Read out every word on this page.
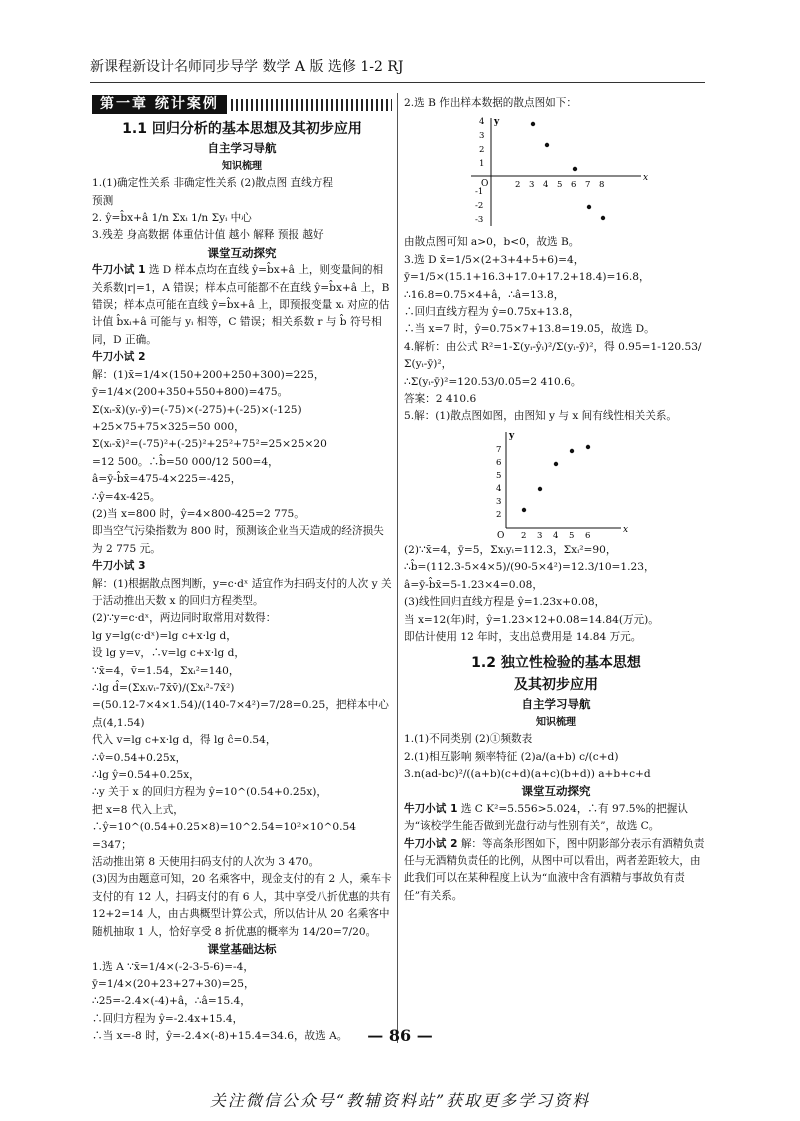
新课程新设计名师同步导学 数学 A 版 选修 1-2 RJ
第一章 统计案例
1.1 回归分析的基本思想及其初步应用
自主学习导航
知识梳理

1.(1)确定性关系 非确定性关系 (2)散点图 直线方程

预测

2. ŷ=b̂x+â 1/n Σxᵢ 1/n Σyᵢ 中心

3.残差 身高数据 体重估计值 越小 解释 预报 越好

课堂互动探究

牛刀小试 1 选 D 样本点均在直线 ŷ=b̂x+â 上，则变量间的相关系数|r|=1，A 错误；样本点可能都不在直线 ŷ=b̂x+â 上，B 错误；样本点可能在直线 ŷ=b̂x+â 上，即预报变量 xᵢ 对应的估计值 b̂xᵢ+â 可能与 yᵢ 相等，C 错误；相关系数 r 与 b̂ 符号相同，D 正确。

牛刀小试 2

解：(1)x̄=1/4×(150+200+250+300)=225，

ȳ=1/4×(200+350+550+800)=475。

Σ(xᵢ-x̄)(yᵢ-ȳ)=(-75)×(-275)+(-25)×(-125)

+25×75+75×325=50 000，

Σ(xᵢ-x̄)²=(-75)²+(-25)²+25²+75²=25×25×20

=12 500。∴b̂=50 000/12 500=4，

â=ȳ-b̂x̄=475-4×225=-425，

∴ŷ=4x-425。

(2)当 x=800 时，ŷ=4×800-425=2 775。

即当空气污染指数为 800 时，预测该企业当天造成的经济损失为 2 775 元。

牛刀小试 3

解：(1)根据散点图判断，y=c·dˣ 适宜作为扫码支付的人次 y 关于活动推出天数 x 的回归方程类型。

(2)∵y=c·dˣ，两边同时取常用对数得：

lg y=lg(c·dˣ)=lg c+x·lg d，

设 lg y=v，∴v=lg c+x·lg d，

∵x̄=4，v̄=1.54，Σxᵢ²=140，

∴lg d̂=(Σxᵢvᵢ-7x̄v̄)/(Σxᵢ²-7x̄²)

=(50.12-7×4×1.54)/(140-7×4²)=7/28=0.25，把样本中心点(4,1.54)

代入 v=lg c+x·lg d，得 lg ĉ=0.54，

∴v̂=0.54+0.25x，

∴lg ŷ=0.54+0.25x，

∴y 关于 x 的回归方程为 ŷ=10^(0.54+0.25x)，

把 x=8 代入上式，∴ŷ=10^(0.54+0.25×8)=10^2.54=10²×10^0.54

=347；

活动推出第 8 天使用扫码支付的人次为 3 470。

(3)因为由题意可知，20 名乘客中，现金支付的有 2 人，乘车卡支付的有 12 人，扫码支付的有 6 人，其中享受八折优惠的共有 12+2=14 人，由古典概型计算公式，所以估计从 20 名乘客中随机抽取 1 人，恰好享受 8 折优惠的概率为 14/20=7/20。

课堂基础达标

1.选 A ∵x̄=1/4×(-2-3-5-6)=-4，

ȳ=1/4×(20+23+27+30)=25，

∴25=-2.4×(-4)+â，∴â=15.4，

∴回归方程为 ŷ=-2.4x+15.4，

∴当 x=-8 时，ŷ=-2.4×(-8)+15.4=34.6，故选 A。

2.选 B 作出样本数据的散点图如下：

x
y
O	2 3 4 5 6 7 8
4
3
2
1
-1
-2
-3

由散点图可知 a>0，b<0，故选 B。

3.选 D x̄=1/5×(2+3+4+5+6)=4，

ȳ=1/5×(15.1+16.3+17.0+17.2+18.4)=16.8，

∴16.8=0.75×4+â，∴â=13.8，

∴回归直线方程为 ŷ=0.75x+13.8，

∴当 x=7 时，ŷ=0.75×7+13.8=19.05，故选 D。

4.解析：由公式 R²=1-Σ(yᵢ-ŷᵢ)²/Σ(yᵢ-ȳ)²，得 0.95=1-120.53/Σ(yᵢ-ȳ)²，

∴Σ(yᵢ-ȳ)²=120.53/0.05=2 410.6。

答案：2 410.6

5.解：(1)散点图如图，由图知 y 与 x 间有线性相关关系。

x
y
O 2 3 4 5 6
7
6
5
4
3
2

(2)∵x̄=4，ȳ=5，Σxᵢyᵢ=112.3，Σxᵢ²=90，

∴b̂=(112.3-5×4×5)/(90-5×4²)=12.3/10=1.23，

â=ȳ-b̂x̄=5-1.23×4=0.08，

(3)线性回归直线方程是 ŷ=1.23x+0.08，

当 x=12(年)时，ŷ=1.23×12+0.08=14.84(万元)。

即估计使用 12 年时，支出总费用是 14.84 万元。

1.2 独立性检验的基本思想
及其初步应用
自主学习导航
知识梳理

1.(1)不同类别 (2)①频数表

2.(1)相互影响 频率特征 (2)a/(a+b) c/(c+d)

3.n(ad-bc)²/((a+b)(c+d)(a+c)(b+d)) a+b+c+d

课堂互动探究

牛刀小试 1 选 C K²=5.556>5.024，∴有 97.5%的把握认为“该校学生能否做到光盘行动与性别有关”，故选 C。

牛刀小试 2 解：等高条形图如下，图中阴影部分表示有酒精负责任与无酒精负责任的比例，从图中可以看出，两者差距较大，由此我们可以在某种程度上认为“血液中含有酒精与事故负有责任”有关系。

— 86 —
关注微信公众号“教辅资料站”获取更多学习资料
